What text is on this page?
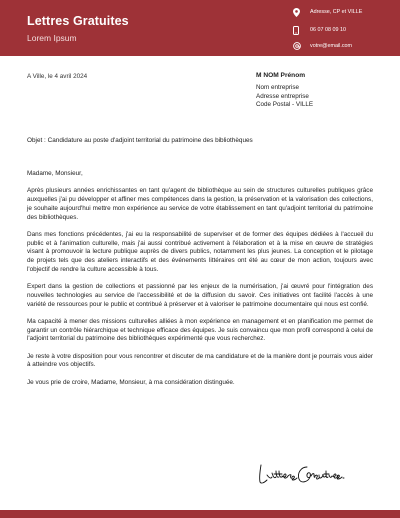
Lettres Gratuites
Lorem Ipsum
Adresse, CP et VILLE
06 07 08 09 10
votre@email.com
A Ville, le 4 avril 2024	M NOM Prénom
Nom entreprise
Adresse entreprise
Code Postal - VILLE
Objet : Candidature au poste d'adjoint territorial du patrimoine des bibliothèques

Madame, Monsieur,

Après plusieurs années enrichissantes en tant qu'agent de bibliothèque au sein de structures culturelles publiques grâce auxquelles j'ai pu développer et affiner mes compétences dans la gestion, la préservation et la valorisation des collections, je souhaite aujourd'hui mettre mon expérience au service de votre établissement en tant qu'adjoint territorial du patrimoine des bibliothèques.

Dans mes fonctions précédentes, j'ai eu la responsabilité de superviser et de former des équipes dédiées à l'accueil du public et à l'animation culturelle, mais j'ai aussi contribué activement à l'élaboration et à la mise en œuvre de stratégies visant à promouvoir la lecture publique auprès de divers publics, notamment les plus jeunes. La conception et le pilotage de projets tels que des ateliers interactifs et des événements littéraires ont été au cœur de mon action, toujours avec l'objectif de rendre la culture accessible à tous.

Expert dans la gestion de collections et passionné par les enjeux de la numérisation, j'ai œuvré pour l'intégration des nouvelles technologies au service de l'accessibilité et de la diffusion du savoir. Ces initiatives ont facilité l'accès à une variété de ressources pour le public et contribué à préserver et à valoriser le patrimoine documentaire qui nous est confié.

Ma capacité à mener des missions culturelles alliées à mon expérience en management et en planification me permet de garantir un contrôle hiérarchique et technique efficace des équipes. Je suis convaincu que mon profil correspond à celui de l'adjoint territorial du patrimoine des bibliothèques expérimenté que vous recherchez.

Je reste à votre disposition pour vous rencontrer et discuter de ma candidature et de la manière dont je pourrais vous aider à atteindre vos objectifs.

Je vous prie de croire, Madame, Monsieur, à ma considération distinguée.
